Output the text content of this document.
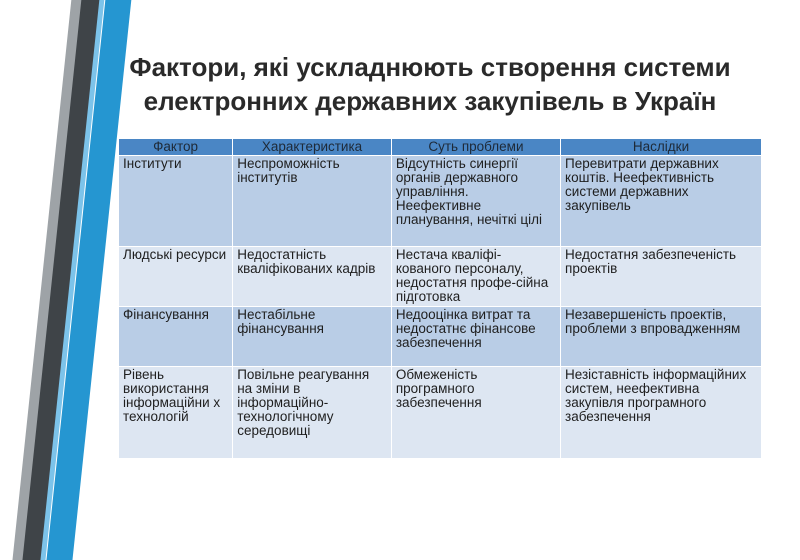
Фактори, які ускладнюють створення системи
електронних державних закупівель в Україн
Фактор	Характеристика	Суть проблеми	Наслідки
Інститути	Неспроможність інститутів	Відсутність синергії органів державного управління. Неефективне планування, нечіткі цілі	Перевитрати державних коштів. Неефективність системи державних закупівель
Людські ресурси	Недостатність кваліфікованих кадрів	Нестача кваліфі-кованого персоналу, недостатня профе-сійна підготовка	Недостатня забезпеченість проектів
Фінансування	Нестабільне фінансування	Недооцінка витрат та недостатнє фінансове забезпечення	Незавершеність проектів, проблеми з впровадженням
Рівень використання інформаційни х технологій	Повільне реагування на зміни в інформаційно-технологічному середовищі	Обмеженість програмного забезпечення	Незіставність інформаційних систем, неефективна закупівля програмного забезпечення
